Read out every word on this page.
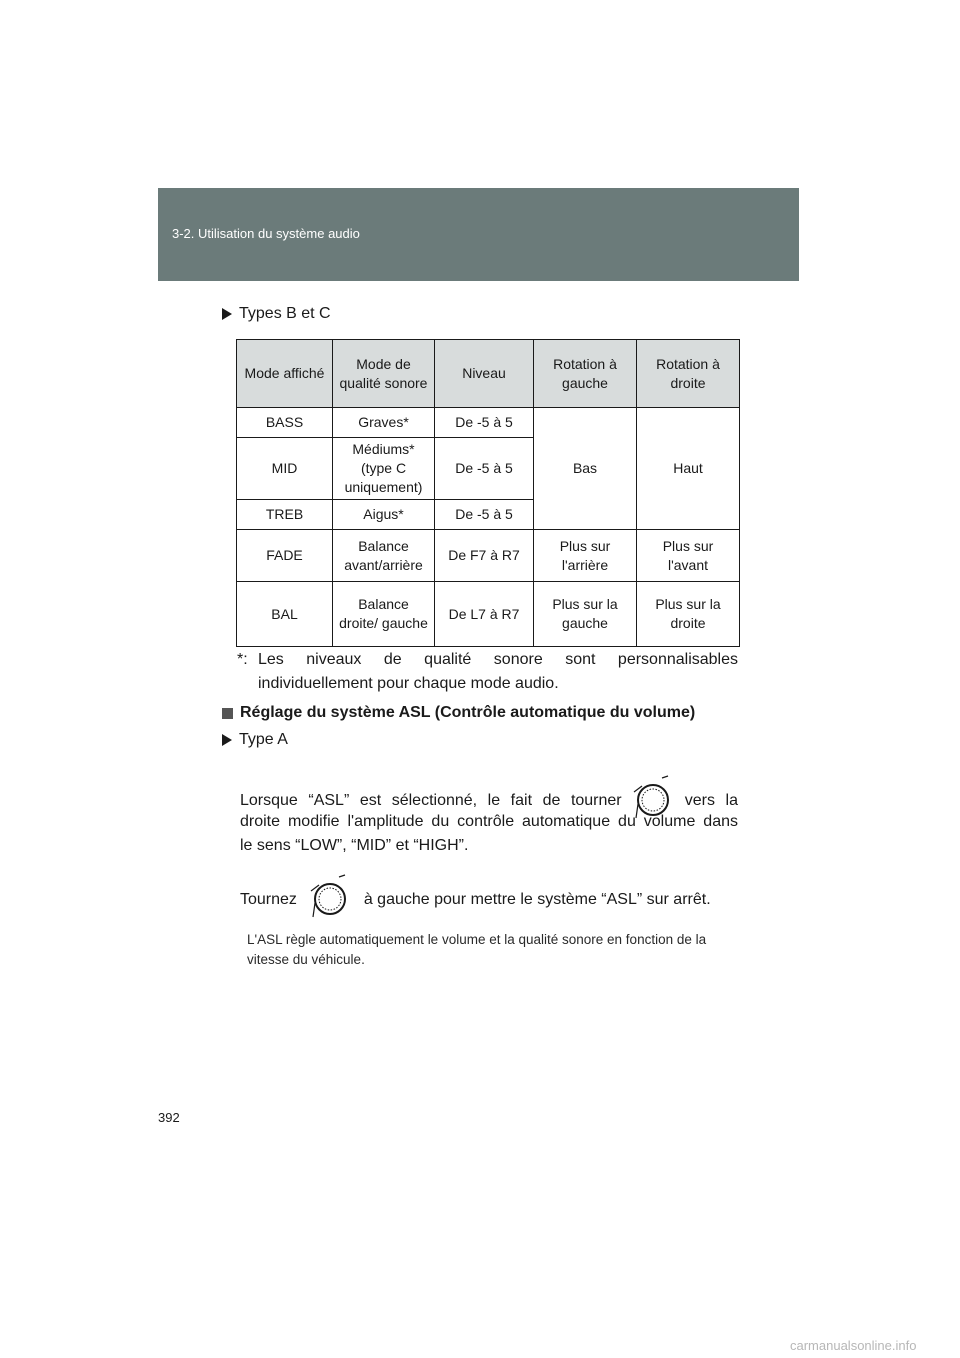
3-2. Utilisation du système audio
Types B et C
Mode affiché	Mode de qualité sonore	Niveau	Rotation à gauche	Rotation à droite
BASS	Graves*	De -5 à 5	Bas	Haut
MID	Médiums* (type C uniquement)	De -5 à 5		
TREB	Aigus*	De -5 à 5		
FADE	Balance avant/arrière	De F7 à R7	Plus sur l'arrière	Plus sur l'avant
BAL	Balance droite/ gauche	De L7 à R7	Plus sur la gauche	Plus sur la droite
*: Les niveaux de qualité sonore sont personnalisables
individuellement pour chaque mode audio.
Réglage du système ASL (Contrôle automatique du volume)
Type A
Lorsque “ASL” est sélectionné, le fait de tourner	vers la
droite modifie l'amplitude du contrôle automatique du volume dans
le sens “LOW”, “MID” et “HIGH”.
Tournez	à gauche pour mettre le système “ASL” sur arrêt.
L'ASL règle automatiquement le volume et la qualité sonore en fonction de la vitesse du véhicule.
392
carmanualsonline.info
